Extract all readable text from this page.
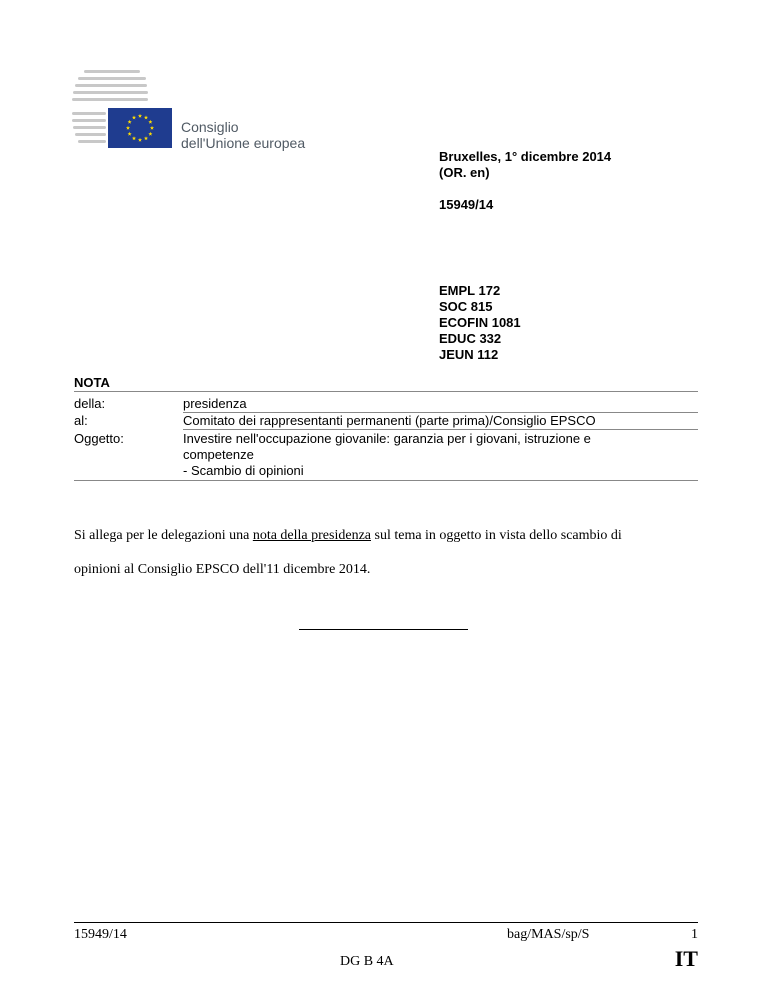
Consiglio
dell'Unione europea
Bruxelles, 1° dicembre 2014
(OR. en)
15949/14
EMPL 172
SOC 815
ECOFIN 1081
EDUC 332
JEUN 112
NOTA
della:	presidenza
al:	Comitato dei rappresentanti permanenti (parte prima)/Consiglio EPSCO
Oggetto:	Investire nell'occupazione giovanile: garanzia per i giovani, istruzione e
competenze
- Scambio di opinioni
Si allega per le delegazioni una nota della presidenza sul tema in oggetto in vista dello scambio di
opinioni al Consiglio EPSCO dell'11 dicembre 2014.
15949/14	bag/MAS/sp/S	1
DG B 4A	IT
